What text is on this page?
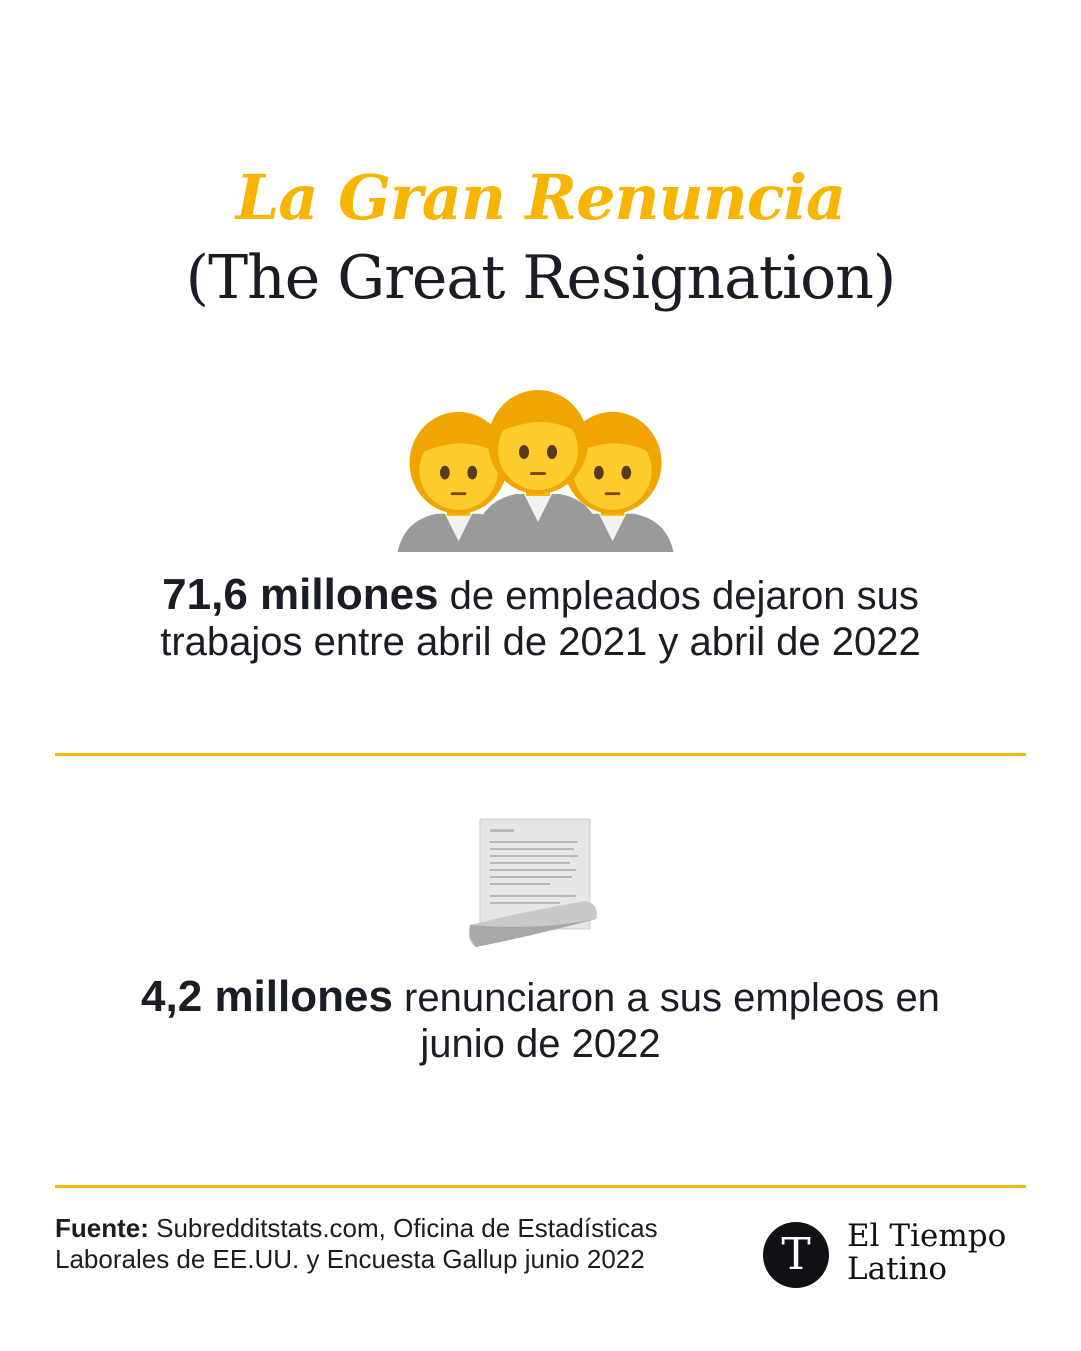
La Gran Renuncia
(The Great Resignation)
71,6 millones de empleados dejaron sus trabajos entre abril de 2021 y abril de 2022
4,2 millones renunciaron a sus empleos en junio de 2022
Fuente: Subredditstats.com, Oficina de Estadísticas Laborales de EE.UU. y Encuesta Gallup junio 2022	T	El Tiempo
Latino
